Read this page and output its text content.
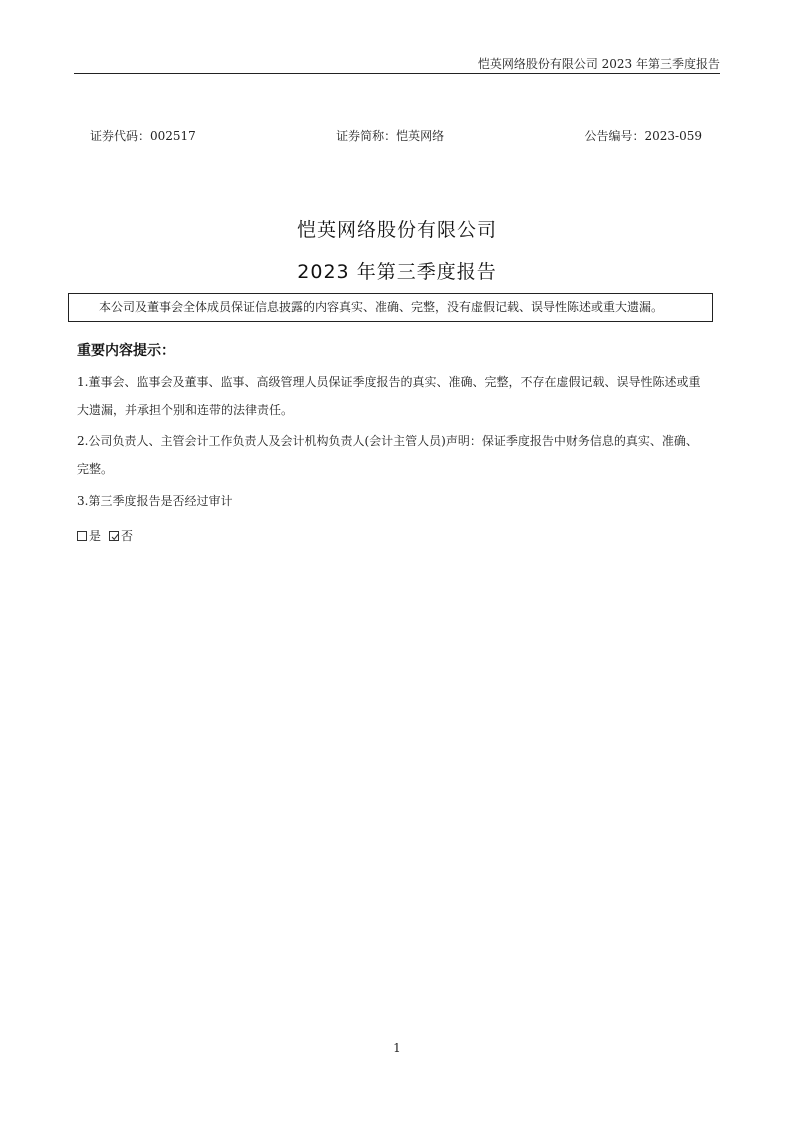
恺英网络股份有限公司 2023 年第三季度报告
证券代码：002517	证券简称：恺英网络	公告编号：2023-059
恺英网络股份有限公司
2023 年第三季度报告
本公司及董事会全体成员保证信息披露的内容真实、准确、完整，没有虚假记载、误导性陈述或重大遗漏。
重要内容提示：
1.董事会、监事会及董事、监事、高级管理人员保证季度报告的真实、准确、完整，不存在虚假记载、误导性陈述或重大遗漏，并承担个别和连带的法律责任。
2.公司负责人、主管会计工作负责人及会计机构负责人(会计主管人员)声明：保证季度报告中财务信息的真实、准确、完整。
3.第三季度报告是否经过审计
是 否
1
